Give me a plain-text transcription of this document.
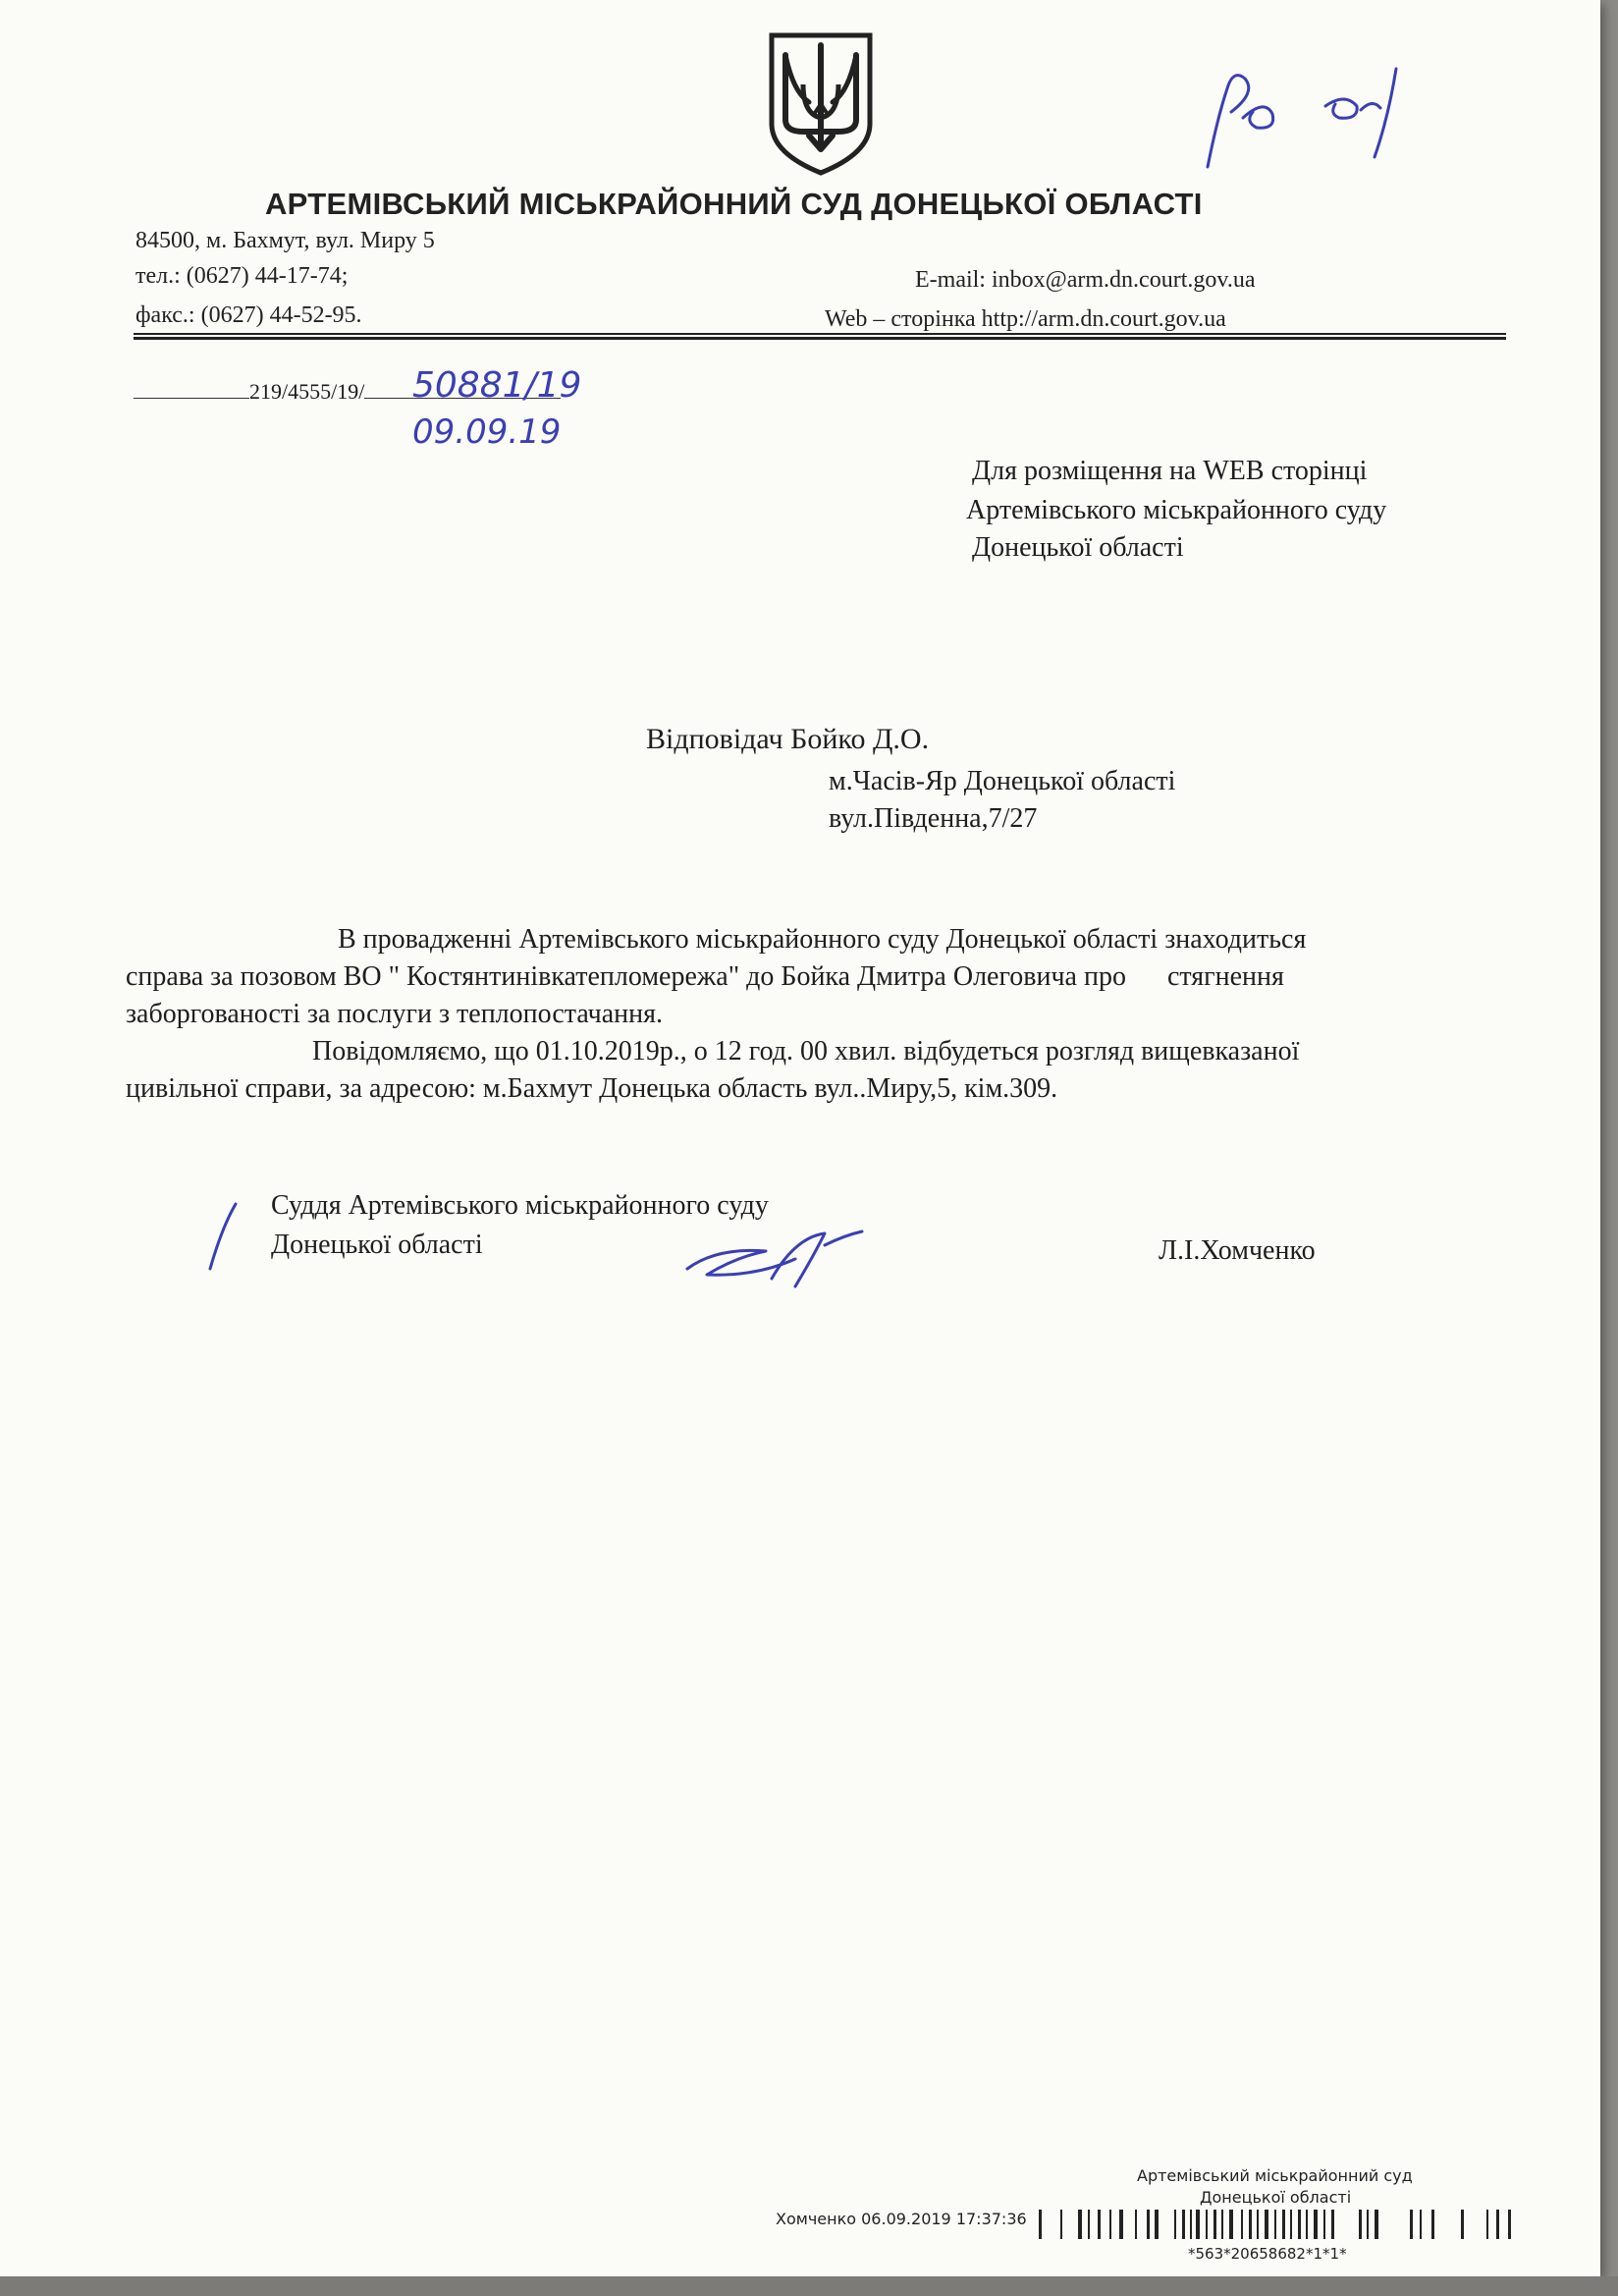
АРТЕМІВСЬКИЙ МІСЬКРАЙОННИЙ СУД ДОНЕЦЬКОЇ ОБЛАСТІ
84500, м. Бахмут, вул. Миру 5
тел.: (0627) 44-17-74;
факс.: (0627) 44-52-95.
E-mail: inbox@arm.dn.court.gov.ua
Web – сторінка http://arm.dn.court.gov.ua
219/4555/19/	50881/19
09.09.19
Для розміщення на WEB сторінці
Артемівського міськрайонного суду
Донецької області
Відповідач Бойко Д.О.
м.Часів-Яр Донецької області
вул.Південна,7/27
В провадженні Артемівського міськрайонного суду Донецької області знаходиться
справа за позовом ВО " Костянтинівкатепломережа" до Бойка Дмитра Олеговича про      стягнення
заборгованості за послуги з теплопостачання.
Повідомляємо, що 01.10.2019р., о 12 год. 00 хвил. відбудеться розгляд вищевказаної
цивільної справи, за адресою: м.Бахмут Донецька область вул..Миру,5, кім.309.
Суддя Артемівського міськрайонного суду
Донецької області	Л.І.Хомченко
Артемівський міськрайонний суд
Донецької області
Хомченко 06.09.2019 17:37:36
*563*20658682*1*1*
